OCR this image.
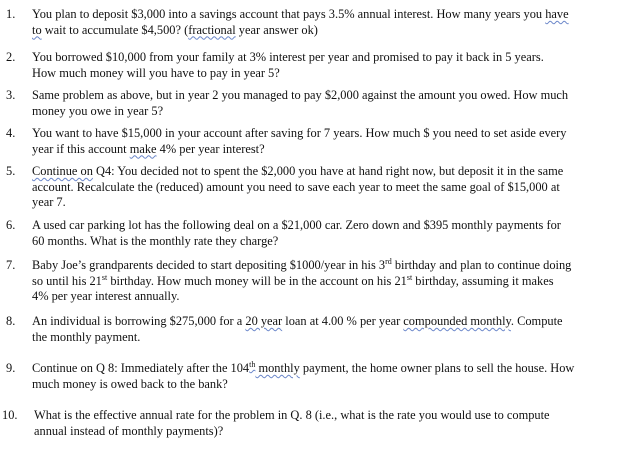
1. You plan to deposit $3,000 into a savings account that pays 3.5% annual interest. How many years you have
to wait to accumulate $4,500? (fractional year answer ok)
2. You borrowed $10,000 from your family at 3% interest per year and promised to pay it back in 5 years.
How much money will you have to pay in year 5?
3. Same problem as above, but in year 2 you managed to pay $2,000 against the amount you owed. How much
money you owe in year 5?
4. You want to have $15,000 in your account after saving for 7 years. How much $ you need to set aside every
year if this account make 4% per year interest?
5. Continue on Q4: You decided not to spent the $2,000 you have at hand right now, but deposit it in the same
account. Recalculate the (reduced) amount you need to save each year to meet the same goal of $15,000 at
year 7.
6. A used car parking lot has the following deal on a $21,000 car. Zero down and $395 monthly payments for
60 months. What is the monthly rate they charge?
7. Baby Joe’s grandparents decided to start depositing $1000/year in his 3rd birthday and plan to continue doing
so until his 21st birthday. How much money will be in the account on his 21st birthday, assuming it makes
4% per year interest annually.
8. An individual is borrowing $275,000 for a 20 year loan at 4.00 % per year compounded monthly. Compute
the monthly payment.
9. Continue on Q 8: Immediately after the 104th monthly payment, the home owner plans to sell the house. How
much money is owed back to the bank?
10. What is the effective annual rate for the problem in Q. 8 (i.e., what is the rate you would use to compute
annual instead of monthly payments)?
